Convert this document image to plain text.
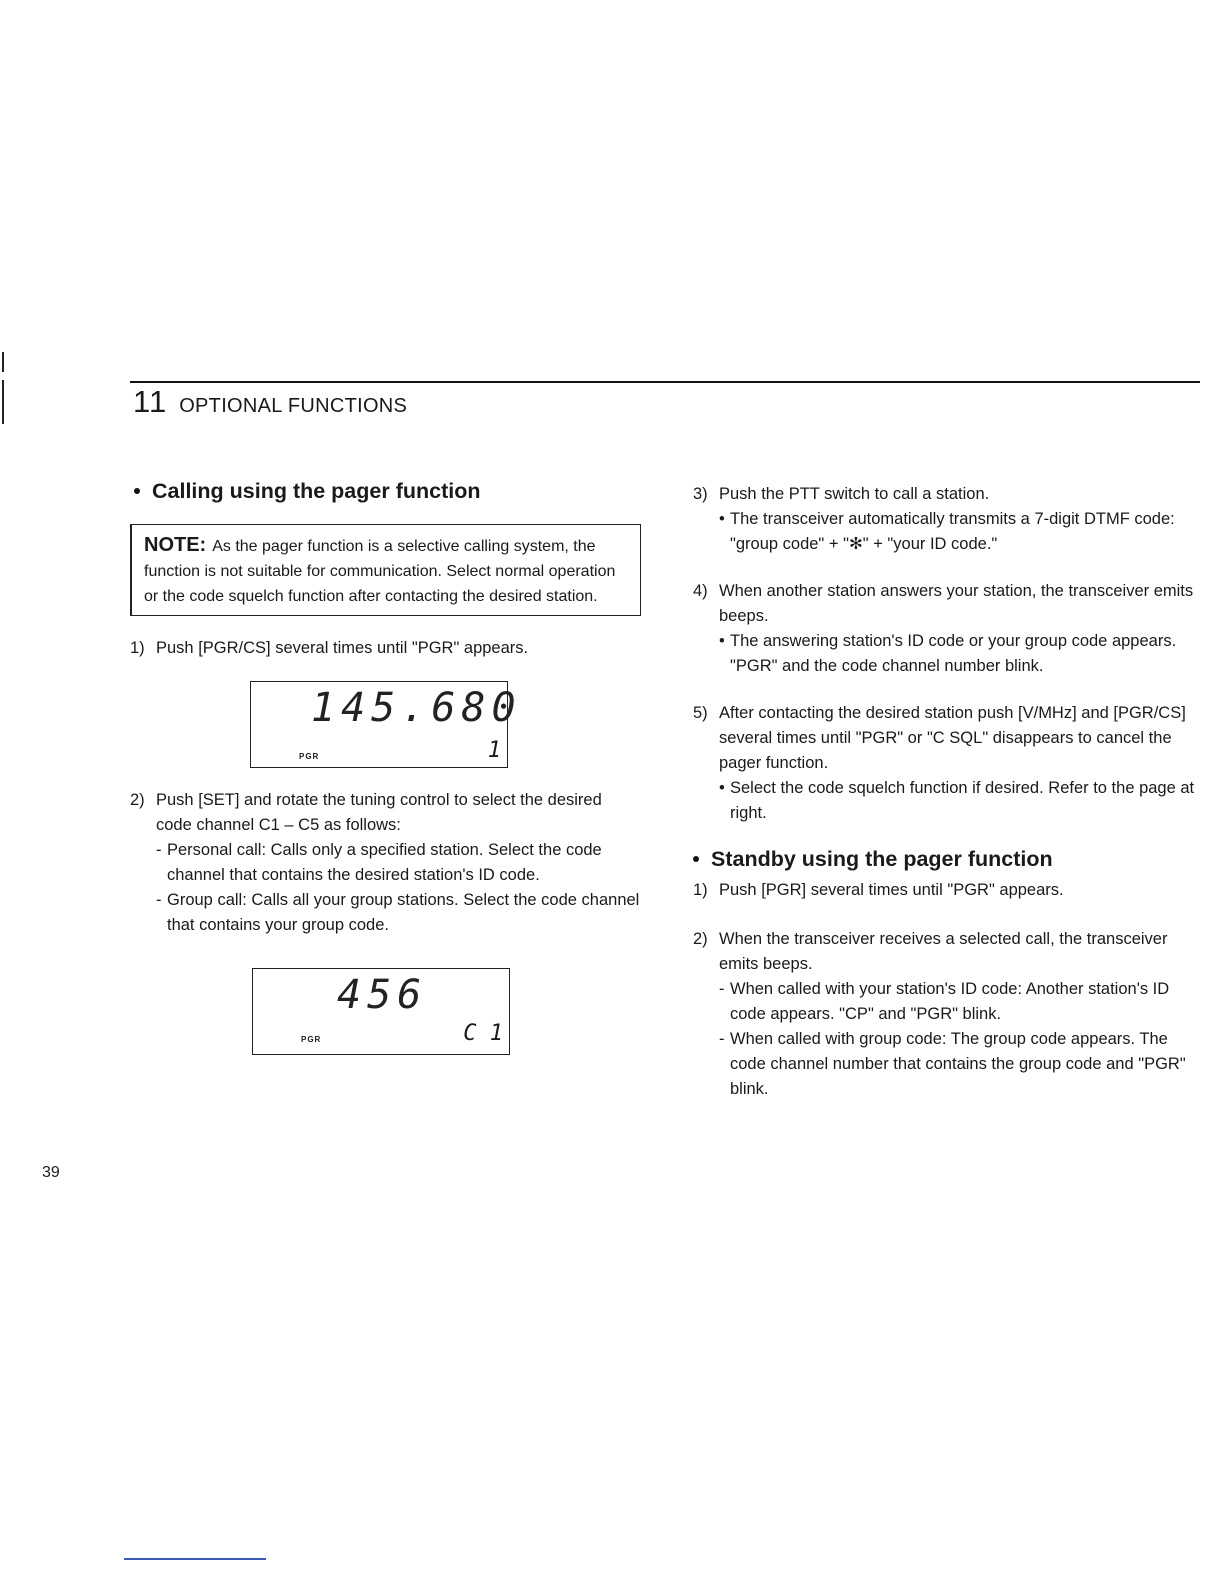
11 OPTIONAL FUNCTIONS
Calling using the pager function
NOTE: As the pager function is a selective calling system, the function is not suitable for communication. Select normal operation or the code squelch function after contacting the desired station.
1) Push [PGR/CS] several times until "PGR" appears.
145.680
PGR	1
2) Push [SET] and rotate the tuning control to select the desired code channel C1 – C5 as follows:
- Personal call: Calls only a specified station. Select the code channel that contains the desired station's ID code.
- Group call: Calls all your group stations. Select the code channel that contains your group code.
456
PGR	C 1
3) Push the PTT switch to call a station.
• The transceiver automatically transmits a 7-digit DTMF code: "group code" + "✻" + "your ID code."
4) When another station answers your station, the transceiver emits beeps.
• The answering station's ID code or your group code appears. "PGR" and the code channel number blink.
5) After contacting the desired station push [V/MHz] and [PGR/CS] several times until "PGR" or "C SQL" disappears to cancel the pager function.
• Select the code squelch function if desired. Refer to the page at right.
Standby using the pager function
1) Push [PGR] several times until "PGR" appears.
2) When the transceiver receives a selected call, the transceiver emits beeps.
- When called with your station's ID code: Another station's ID code appears. "CP" and "PGR" blink.
- When called with group code: The group code appears. The code channel number that contains the group code and "PGR" blink.
39
